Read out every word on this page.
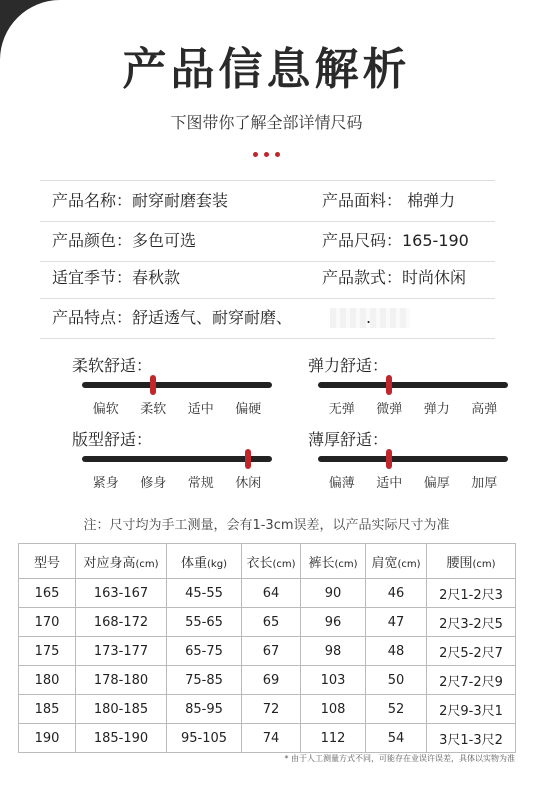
产品信息解析
下图带你了解全部详情尺码
产品名称：耐穿耐磨套装	产品面料： 棉弹力
产品颜色：多色可选	产品尺码：165-190
适宜季节：春秋款	产品款式：时尚休闲
产品特点：舒适透气、耐穿耐磨、	.
柔软舒适：
偏软 柔软 适中 偏硬
弹力舒适：
无弹 微弹 弹力 高弹
版型舒适：
紧身 修身 常规 休闲
薄厚舒适：
偏薄 适中 偏厚 加厚
注：尺寸均为手工测量，会有1-3cm误差，以产品实际尺寸为准
型号	对应身高(cm)	体重(kg)	衣长(cm)	裤长(cm)	肩宽(cm)	腰围(cm)
165	163-167	45-55	64	90	46	2尺1-2尺3
170	168-172	55-65	65	96	47	2尺3-2尺5
175	173-177	65-75	67	98	48	2尺5-2尺7
180	178-180	75-85	69	103	50	2尺7-2尺9
185	180-185	85-95	72	108	52	2尺9-3尺1
190	185-190	95-105	74	112	54	3尺1-3尺2
* 由于人工测量方式不同，可能存在业误许误差，具体以实物为准
